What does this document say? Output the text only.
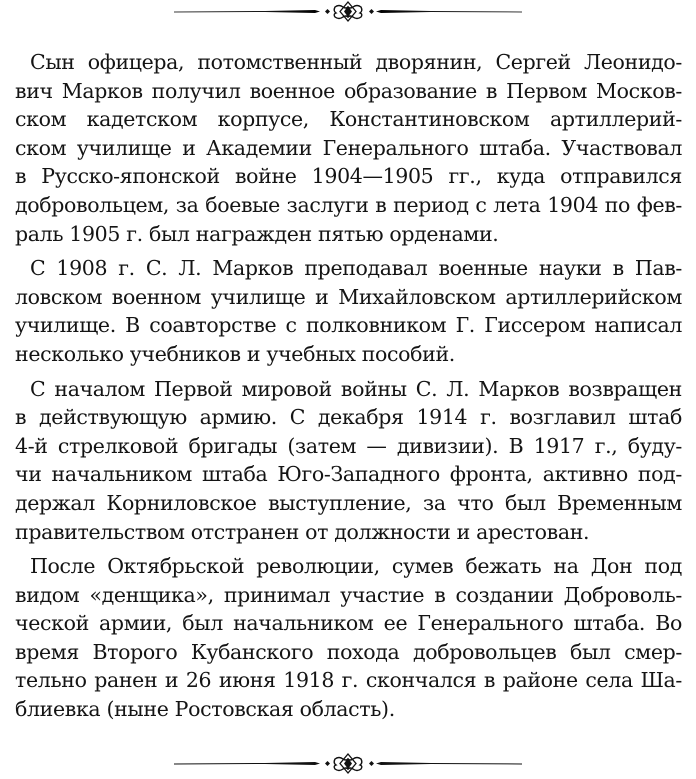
Сын офицера, потомственный дворянин, Сергей Леонидо-
вич Марков получил военное образование в Первом Москов-
ском кадетском корпусе, Константиновском артиллерий-
ском училище и Академии Генерального штаба. Участвовал
в Русско-японской войне 1904—1905 гг., куда отправился
добровольцем, за боевые заслуги в период с лета 1904 по фев-
раль 1905 г. был награжден пятью орденами.
С 1908 г. С. Л. Марков преподавал военные науки в Пав-
ловском военном училище и Михайловском артиллерийском
училище. В соавторстве с полковником Г. Гиссером написал
несколько учебников и учебных пособий.
С началом Первой мировой войны С. Л. Марков возвращен
в действующую армию. С декабря 1914 г. возглавил штаб
4-й стрелковой бригады (затем — дивизии). В 1917 г., буду-
чи начальником штаба Юго-Западного фронта, активно под-
держал Корниловское выступление, за что был Временным
правительством отстранен от должности и арестован.
После Октябрьской революции, сумев бежать на Дон под
видом «денщика», принимал участие в создании Доброволь-
ческой армии, был начальником ее Генерального штаба. Во
время Второго Кубанского похода добровольцев был смер-
тельно ранен и 26 июня 1918 г. скончался в районе села Ша-
блиевка (ныне Ростовская область).
